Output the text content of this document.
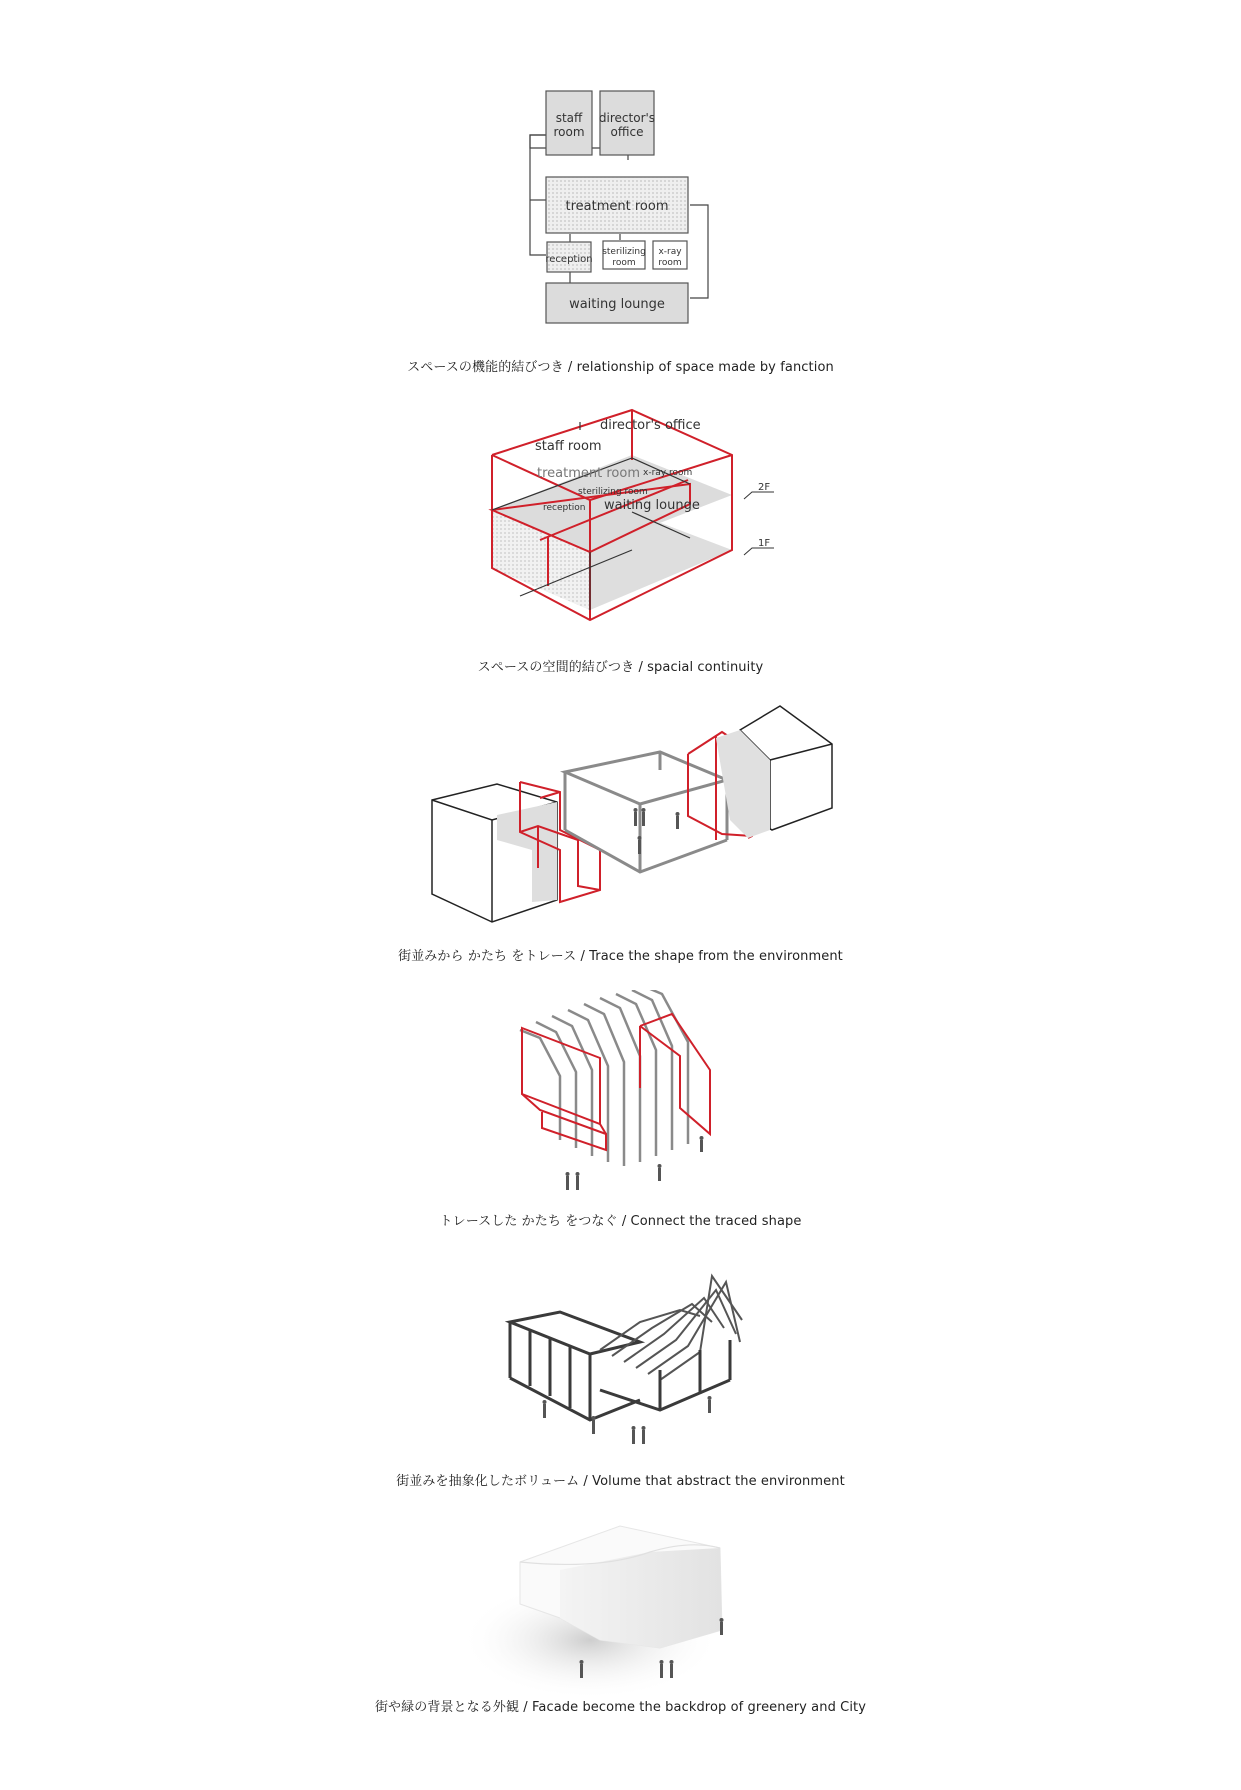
staff
room
director's
office
treatment room
reception
sterilizing
room
x-ray
room
waiting lounge
スペースの機能的結びつき / relationship of space made by fanction
director's office
staff room
treatment room x-ray room
sterilizing room
reception waiting lounge
2F
1F
スペースの空間的結びつき / spacial continuity
街並みから かたち をトレース / Trace the shape from the environment
トレースした かたち をつなぐ / Connect the traced shape
街並みを抽象化したボリューム / Volume that abstract the environment
街や緑の背景となる外観 / Facade become the backdrop of greenery and City
